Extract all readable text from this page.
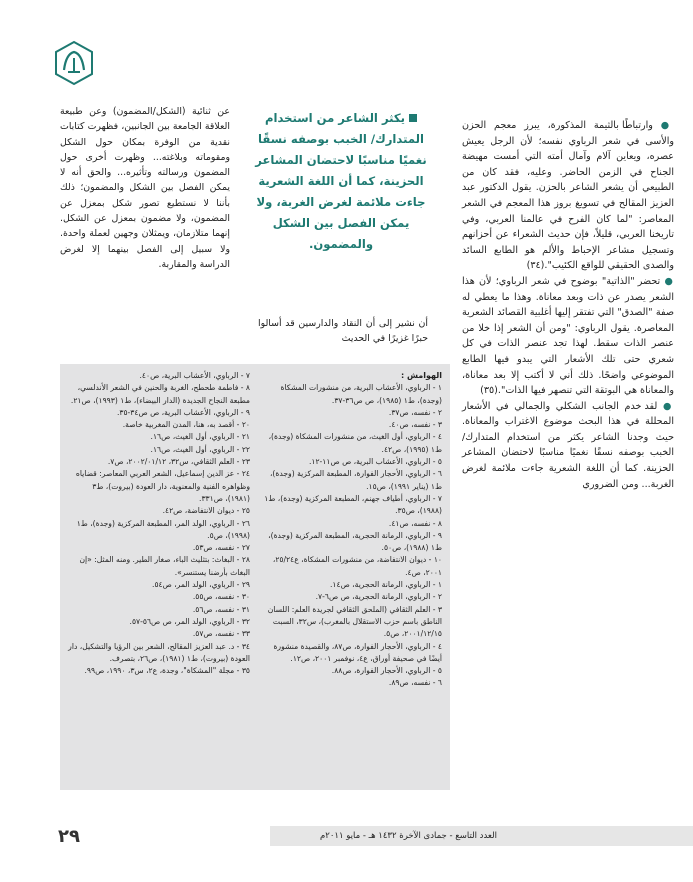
● وارتباطًا بالثيمة المذكورة، يبرز معجم الحزن والأسى في شعر الرباوي نفسه؛ لأن الرجل يعيش عصره، ويعاين آلام وآمال أمته التي أمست مهيضة الجناح في الزمن الحاضر. وعليه، فقد كان من الطبيعي أن يشعر الشاعر بالحزن. يقول الدكتور عبد العزيز المقالح في تسويغ بروز هذا المعجم في الشعر المعاصر: "لما كان الفرح في عالمنا العربي، وفي تاريخنا العربي، قليلاً، فإن حديث الشعراء عن أحزانهم وتسجيل مشاعر الإحباط والألم هو الطابع السائد والصدى الحقيقي للواقع الكئيب".(٣٤)

● تحضر "الذاتية" بوضوح في شعر الرباوي؛ لأن هذا الشعر يصدر عن ذات وبعد معاناة. وهذا ما يعطي له صفة "الصدق" التي تفتقر إليها أغلبية القصائد الشعرية المعاصرة. يقول الرباوي: "ومن أن الشعر إذا خلا من عنصر الذات سقط. لهذا تجد عنصر الذات في كل شعري حتى تلك الأشعار التي يبدو فيها الطابع الموضوعي واضحًا. ذلك أني لا أكتب إلا بعد معاناة، والمعاناة هي البوتقة التي تنصهر فيها الذات".(٣٥)

● لقد خدم الجانب الشكلي والجمالي في الأشعار المحللة في هذا البحث موضوع الاغتراب والمعاناة. حيث وجدنا الشاعر يكثر من استخدام المتدارك/ الخبب بوصفه نسقًا نغميًا مناسبًا لاحتضان المشاعر الحزينة. كما أن اللغة الشعرية جاءت ملائمة لغرض الغربة... ومن الضروري

يكثر الشاعر من استخدام المتدارك/ الخبب بوصفه نسقًا نغميًا مناسبًا لاحتضان المشاعر الحزينة، كما أن اللغة الشعرية جاءت ملائمة لغرض الغربة، ولا يمكن الفصل بين الشكل والمضمون.
أن نشير إلى أن النقاد والدارسين قد أسالوا حبرًا غزيرًا في الحديث

عن ثنائية (الشكل/المضمون) وعن طبيعة العلاقة الجامعة بين الجانبين، فظهرت كتابات نقدية من الوفرة بمكان حول الشكل ومقوماته وبلاغته... وظهرت أخرى حول المضمون ورسالته وتأثيره... والحق أنه لا يمكن الفصل بين الشكل والمضمون؛ ذلك بأننا لا نستطيع تصور شكل بمعزل عن المضمون، ولا مضمون بمعزل عن الشكل. إنهما متلازمان، ويمثلان وجهين لعملة واحدة. ولا سبيل إلى الفصل بينهما إلا لغرض الدراسة والمقاربة.

الهوامش :
١ - الرباوي، الأعشاب البرية، من منشورات المشكاة (وجدة)، ط١ (١٩٨٥)، ص ص٣٦-٣٧.
٢ - نفسه، ص٣٧.
٣ - نفسه، ص٤٠.
٤ - الرباوي، أول الغيث، من منشورات المشكاة (وجدة)، ط١ (١٩٩٥)، ص٤٢.
٥ - الرباوي، الأعشاب البرية، ص ص١١-١٢.
٦ - الرباوي، الأحجار الفوارة، المطبعة المركزية (وجدة)، ط١ (يناير ١٩٩١)، ص١٥.
٧ - الرباوي، أطياف جهنم، المطبعة المركزية (وجدة)، ط١ (١٩٨٨)، ص٣٥.
٨ - نفسه، ص٤١.
٩ - الرباوي، الرمانة الحجرية، المطبعة المركزية (وجدة)، ط١ (١٩٨٨)، ص٥٠.
١٠ - ديوان الانتفاضة، من منشورات المشكاة، ع٢٥/٢٤، ٢٠٠١، ص٤.
١ - الرباوي، الرمانة الحجرية، ص١٤.
٢ - الرباوي، الرمانة الحجرية، ص ص٦-٧.
٣ - العلم الثقافي (الملحق الثقافي لجريدة العلم: اللسان الناطق باسم حزب الاستقلال بالمغرب)، س٣٢، السبت ٢٠٠١/١٢/١٥، ص٥.
٤ - الرباوي، الأحجار الفوارة، ص٨٧، والقصيدة منشورة أيضًا في صحيفة أوراق، ع٤، نوفمبر ٢٠٠١، ص١٢.
٥ - الرباوي، الأحجار الفوارة، ص٨٨.
٦ - نفسه، ص٨٩.
٧ - الرباوي، الأعشاب البرية، ص٤٠.
٨ - فاطمة طحطح، الغربة والحنين في الشعر الأندلسي، مطبعة النجاح الجديدة (الدار البيضاء)، ط١ (١٩٩٣)، ص٢١.
٩ - الرباوي، الأعشاب البرية، ص ص٣٤-٣٥.
٢٠ - أقصد به، هنا، المدن المغربية خاصة.
٢١ - الرباوي، أول الغيث، ص١٦.
٢٢ - الرباوي، أول الغيث، ص١٦.
٢٣ - العلم الثقافي، س٣٢، ٢٠٠٢/٠١/١٢، ص٧.
٢٤ - عز الدين إسماعيل، الشعر العربي المعاصر: قضاياه وظواهره الفنية والمعنوية، دار العودة (بيروت)، ط٣ (١٩٨١)، ص٣٣١.
٢٥ - ديوان الانتفاضة، ص٤٢.
٢٦ - الرباوي، الولد المر، المطبعة المركزية (وجدة)، ط١ (١٩٩٨)، ص٥.
٢٧ - نفسه، ص٥٣.
٢٨ - البغاث: بتثليث الباء، صغار الطير. ومنه المثل: «إن البغاث بأرضنا يستنسر».
٢٩ - الرباوي، الولد المر، ص٥٤.
٣٠ - نفسه، ص٥٥.
٣١ - نفسه، ص٥٦.
٣٢ - الرباوي، الولد المر، ص ص٥٦-٥٧.
٣٣ - نفسه، ص٥٧.
٣٤ - د. عبد العزيز المقالح، الشعر بين الرؤيا والتشكيل، دار العودة (بيروت)، ط١ (١٩٨١)، ص٢٦، بتصرف.
٣٥ - مجلة "المشكاة"، وجدة، ع٢، س٣، ١٩٩٠، ص٩٩.
٢٩	العدد التاسع - جمادى الآخرة ١٤٣٢ هـ - مايو ٢٠١١م
